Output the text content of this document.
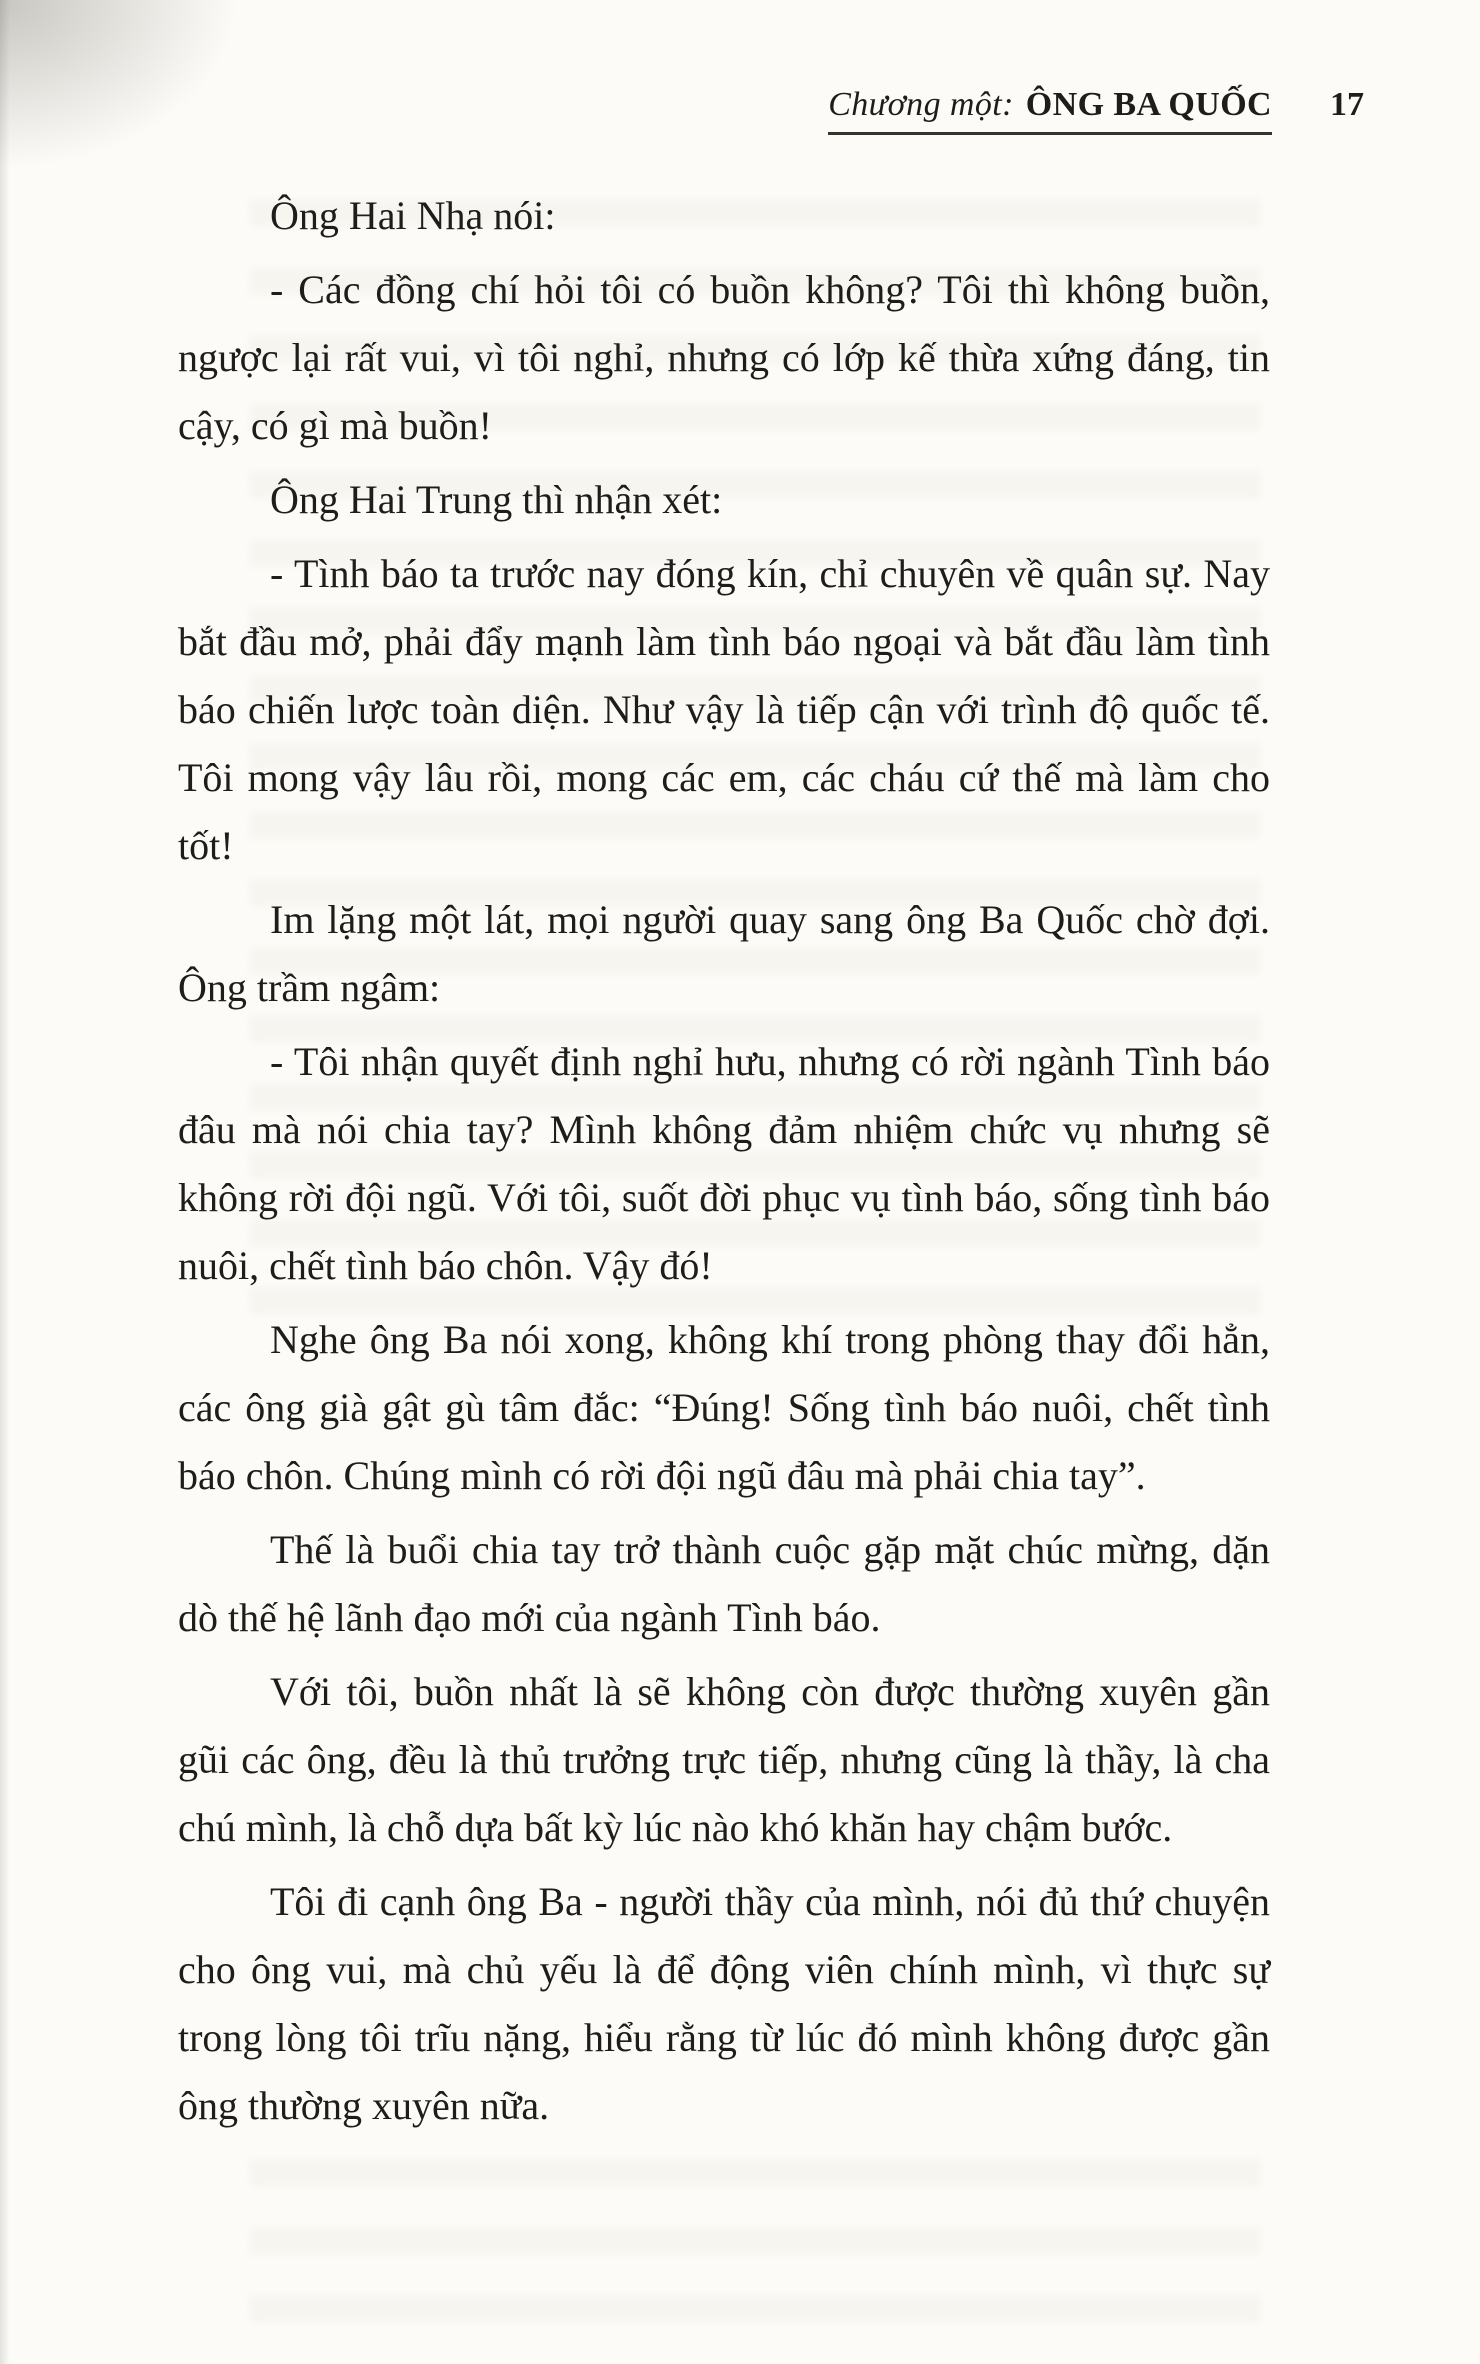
Chương một: ÔNG BA QUỐC 17

Ông Hai Nhạ nói:

- Các đồng chí hỏi tôi có buồn không? Tôi thì không buồn, ngược lại rất vui, vì tôi nghỉ, nhưng có lớp kế thừa xứng đáng, tin cậy, có gì mà buồn!

Ông Hai Trung thì nhận xét:

- Tình báo ta trước nay đóng kín, chỉ chuyên về quân sự. Nay bắt đầu mở, phải đẩy mạnh làm tình báo ngoại và bắt đầu làm tình báo chiến lược toàn diện. Như vậy là tiếp cận với trình độ quốc tế. Tôi mong vậy lâu rồi, mong các em, các cháu cứ thế mà làm cho tốt!

Im lặng một lát, mọi người quay sang ông Ba Quốc chờ đợi. Ông trầm ngâm:

- Tôi nhận quyết định nghỉ hưu, nhưng có rời ngành Tình báo đâu mà nói chia tay? Mình không đảm nhiệm chức vụ nhưng sẽ không rời đội ngũ. Với tôi, suốt đời phục vụ tình báo, sống tình báo nuôi, chết tình báo chôn. Vậy đó!

Nghe ông Ba nói xong, không khí trong phòng thay đổi hẳn, các ông già gật gù tâm đắc: “Đúng! Sống tình báo nuôi, chết tình báo chôn. Chúng mình có rời đội ngũ đâu mà phải chia tay”.

Thế là buổi chia tay trở thành cuộc gặp mặt chúc mừng, dặn dò thế hệ lãnh đạo mới của ngành Tình báo.

Với tôi, buồn nhất là sẽ không còn được thường xuyên gần gũi các ông, đều là thủ trưởng trực tiếp, nhưng cũng là thầy, là cha chú mình, là chỗ dựa bất kỳ lúc nào khó khăn hay chậm bước.

Tôi đi cạnh ông Ba - người thầy của mình, nói đủ thứ chuyện cho ông vui, mà chủ yếu là để động viên chính mình, vì thực sự trong lòng tôi trĩu nặng, hiểu rằng từ lúc đó mình không được gần ông thường xuyên nữa.
